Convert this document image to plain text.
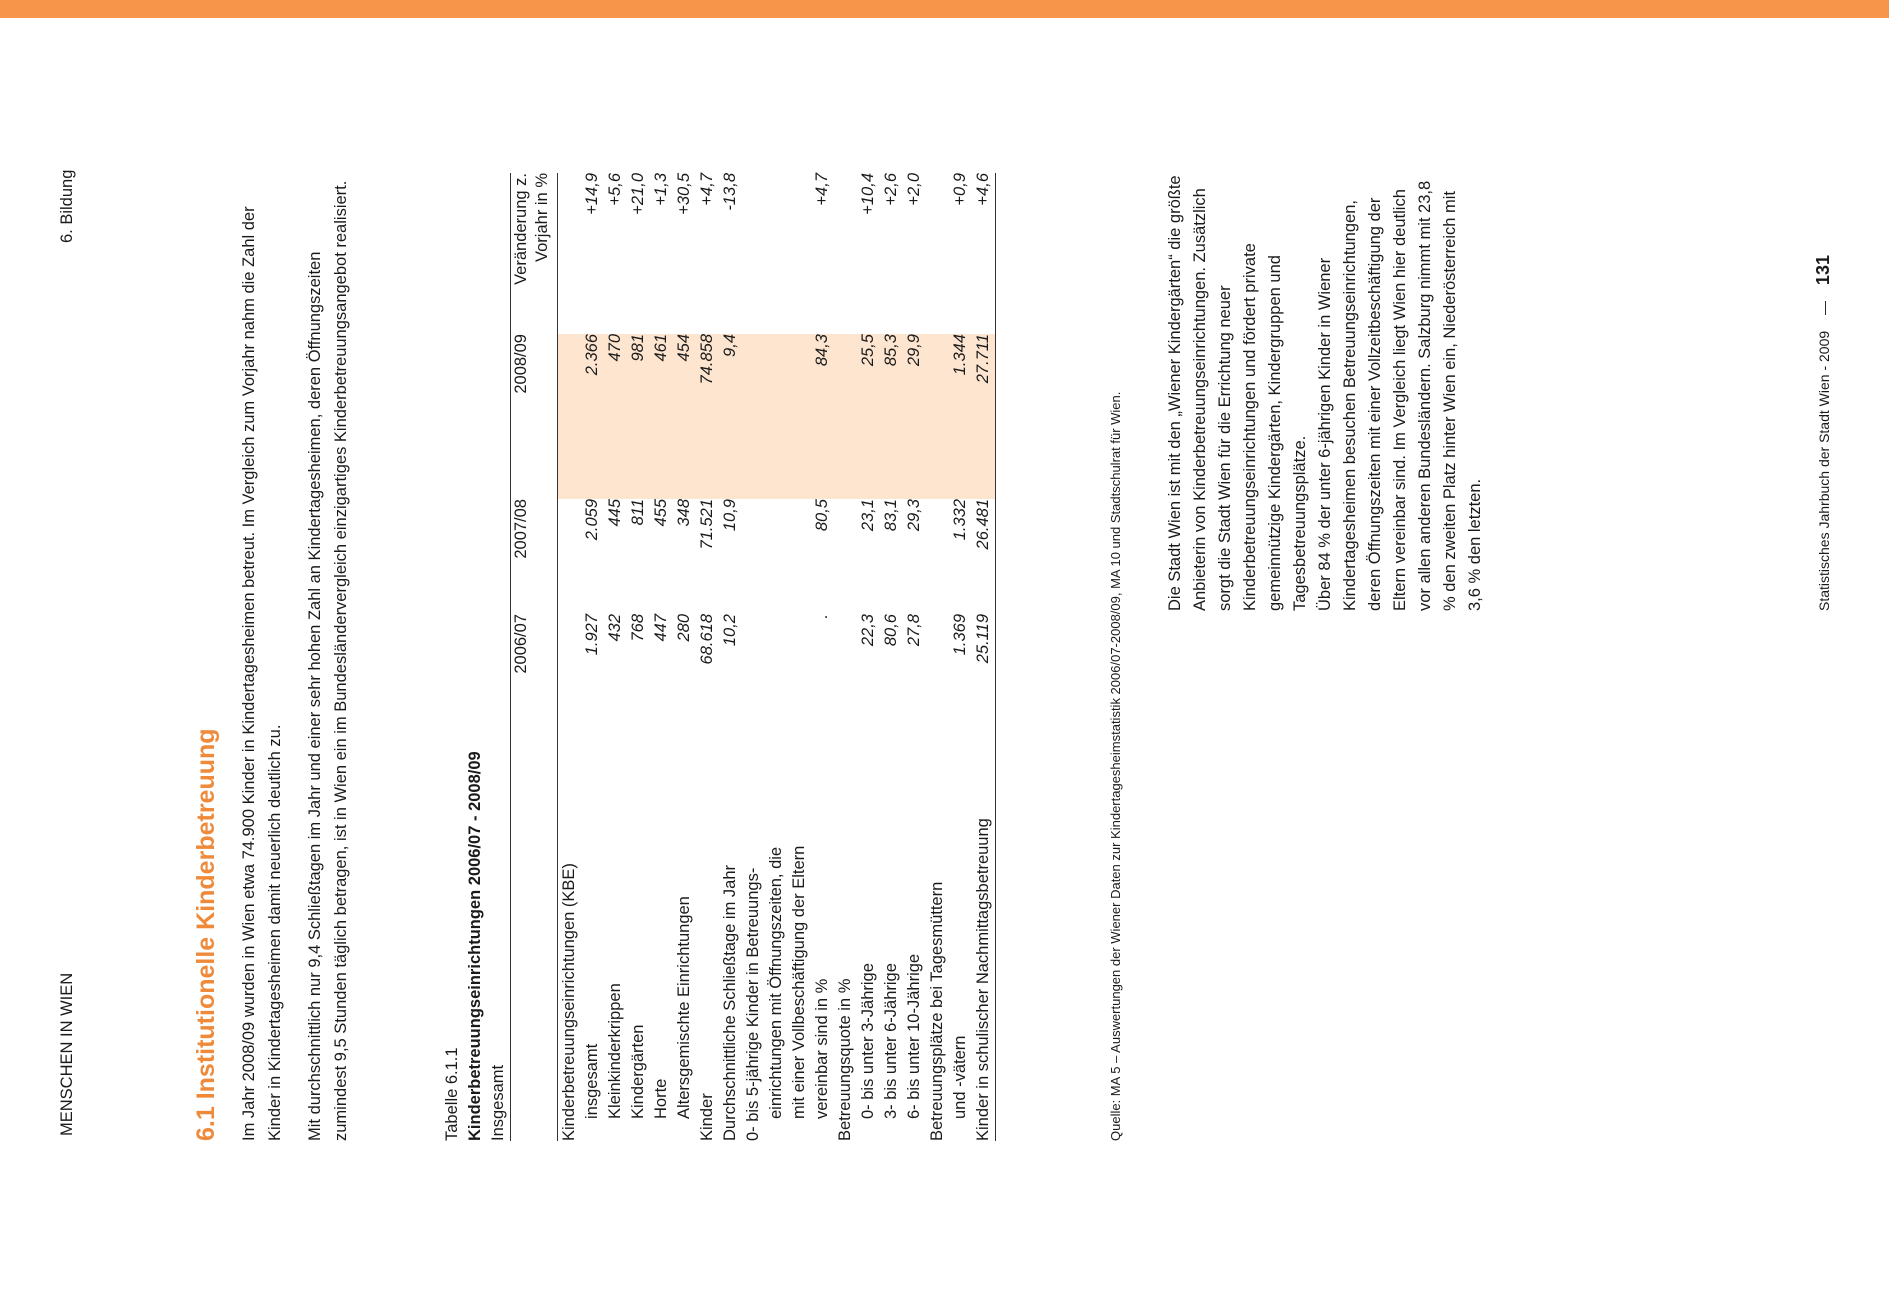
MENSCHEN IN WIEN
6. Bildung
6.1 Institutionelle Kinderbetreuung Im Jahr 2008/09 wurden in Wien etwa 74.900 Kinder in Kindertagesheimen betreut. Im Vergleich zum Vorjahr nahm die Zahl der Kinder in Kindertagesheimen damit neuerlich deutlich zu. Mit durchschnittlich nur 9,4 Schließtagen im Jahr und einer sehr hohen Zahl an Kindertagesheimen, deren Öffnungszeiten zumindest 9,5 Stunden täglich betragen, ist in Wien ein im Bundesländervergleich einzigartiges Kinderbetreuungsangebot realisiert.	Tabelle 6.1.1 Kinderbetreuungseinrichtungen 2006/07 - 2008/09 Insgesamt
	2006/07	2007/08	2008/09	Veränderung z. Vorjahr in %
Kinderbetreuungseinrichtungen (KBE)				
insgesamt	1.927	2.059	2.366	+14,9
Kleinkinderkrippen	432	445	470	+5,6
Kindergärten	768	811	981	+21,0
Horte	447	455	461	+1,3
Altersgemischte Einrichtungen	280	348	454	+30,5
Kinder	68.618	71.521	74.858	+4,7
Durchschnittliche Schließtage im Jahr	10,2	10,9	9,4	-13,8
0- bis 5-jährige Kinder in Betreuungs-				
einrichtungen mit Öffnungszeiten, die				
mit einer Vollbeschäftigung der Eltern				
vereinbar sind in %	.	80,5	84,3	+4,7
Betreuungsquote in %				
0- bis unter 3-Jährige	22,3	23,1	25,5	+10,4
3- bis unter 6-Jährige	80,6	83,1	85,3	+2,6
6- bis unter 10-Jährige	27,8	29,3	29,9	+2,0
Betreuungsplätze bei Tagesmüttern				
und -vätern	1.369	1.332	1.344	+0,9
Kinder in schulischer Nachmittagsbetreuung	25.119	26.481	27.711	+4,6
Quelle: MA 5 – Auswertungen der Wiener Daten zur Kindertagesheimstatistik 2006/07-2008/09, MA 10 und Stadtschulrat für Wien.	Die Stadt Wien ist mit den „Wiener Kindergärten“ die größte Anbieterin von Kinderbetreuungseinrichtungen. Zusätzlich sorgt die Stadt Wien für die Errichtung neuer Kinderbetreuungseinrichtungen und fördert private gemeinnützige Kindergärten, Kindergruppen und Tagesbetreuungsplätze. Über 84 % der unter 6-jährigen Kinder in Wiener Kindertagesheimen besuchen Betreuungseinrichtungen, deren Öffnungszeiten mit einer Vollzeitbeschäftigung der Eltern vereinbar sind. Im Vergleich liegt Wien hier deutlich vor allen anderen Bundesländern. Salzburg nimmt mit 23,8 % den zweiten Platz hinter Wien ein, Niederösterreich mit 3,6 % den letzten.	Statistisches Jahrbuch der Stadt Wien - 2009 — 131
